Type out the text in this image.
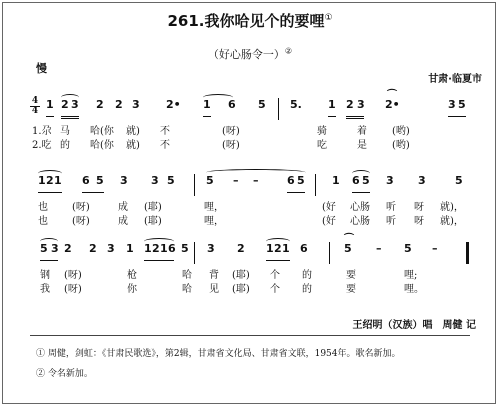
261.我你哈见个的要哩①
（好心肠令一）②
慢
甘肃·临夏市
4
4 1 2 3 2 2 3 2• 1 6 5 5. 1 2 3 2•	3 5
⌒
1.尕 马 哈(你 就) 不	(呀)	骑	着	(哟)
2.吃 的 哈(你 就) 不	(呀)	吃	是	(哟)
1 2 1 6 5 3 3 5	5 – –	6 5 1 6 5 3 3	5
也 (呀)	成 (耶)	哩，	(好 心肠 听 呀 就)，
也 (呀)	成 (耶)	哩，	(好 心肠 听 呀 就)，
5 3 2 2 3 1 1 2 1 6 5 3 2 1 2 1 6	5 – 5 –
⌒
钢 (呀)	枪	哈 背 (耶) 个 的	要	哩;
我 (呀)	你	哈 见 (耶) 个 的	要	哩。
王绍明（汉族）唱　周健 记
① 周健，剑虹：《甘肃民歌选》，第2辑，甘肃省文化局、甘肃省文联，1954年。歌名新加。
② 令名新加。
